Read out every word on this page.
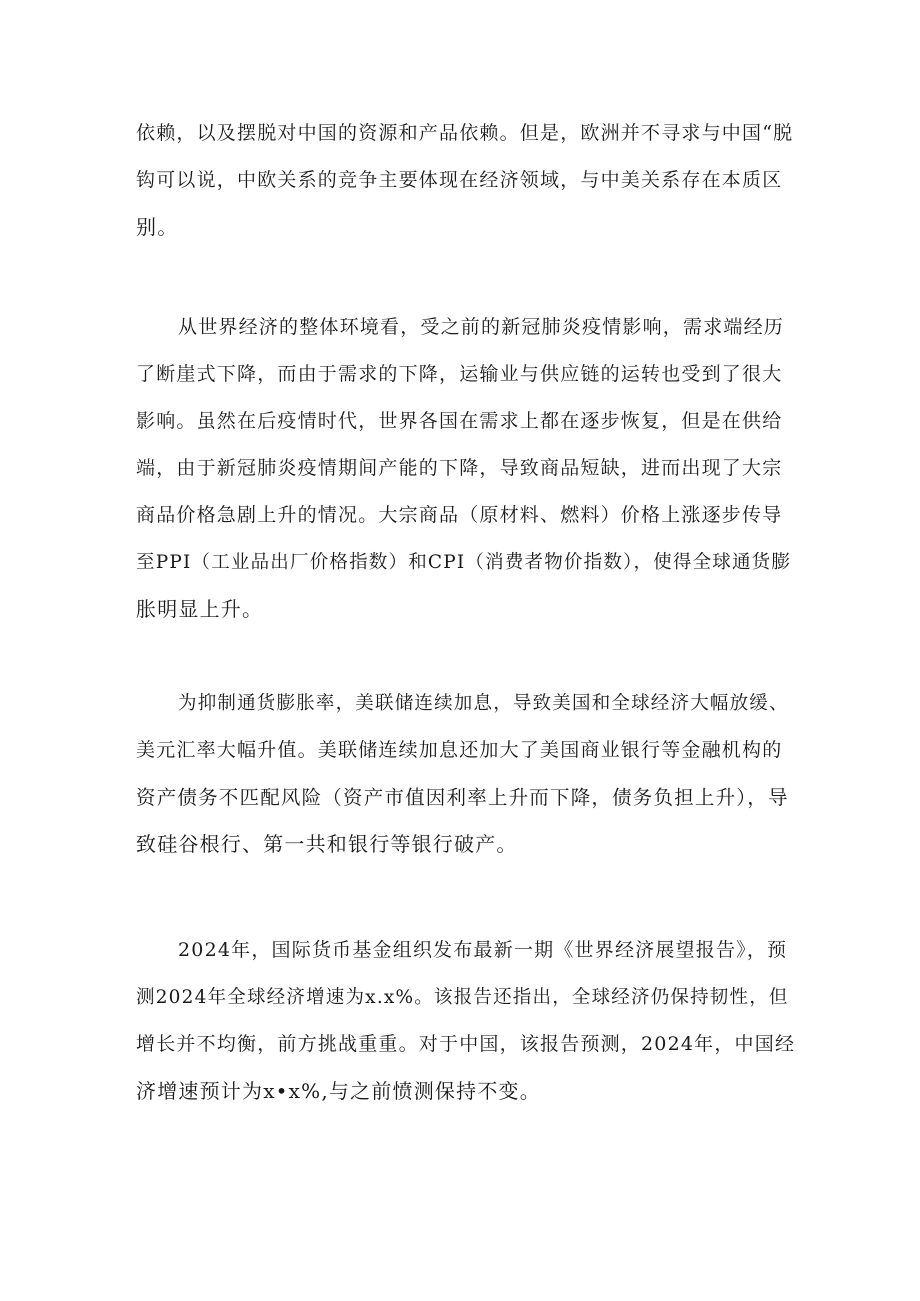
依赖，以及摆脱对中国的资源和产品依赖。但是，欧洲并不寻求与中国“脱
钩可以说，中欧关系的竞争主要体现在经济领域，与中美关系存在本质区
别。

从世界经济的整体环境看，受之前的新冠肺炎疫情影响，需求端经历
了断崖式下降，而由于需求的下降，运输业与供应链的运转也受到了很大
影响。虽然在后疫情时代，世界各国在需求上都在逐步恢复，但是在供给
端，由于新冠肺炎疫情期间产能的下降，导致商品短缺，进而出现了大宗
商品价格急剧上升的情况。大宗商品（原材料、燃料）价格上涨逐步传导
至PPI（工业品出厂价格指数）和CPI（消费者物价指数），使得全球通货膨
胀明显上升。

为抑制通货膨胀率，美联储连续加息，导致美国和全球经济大幅放缓、
美元汇率大幅升值。美联储连续加息还加大了美国商业银行等金融机构的
资产债务不匹配风险（资产市值因利率上升而下降，债务负担上升），导
致硅谷根行、第一共和银行等银行破产。

2024年，国际货币基金组织发布最新一期《世界经济展望报告》，预
测2024年全球经济增速为x.x%。该报告还指出，全球经济仍保持韧性，但
增长并不均衡，前方挑战重重。对于中国，该报告预测，2024年，中国经
济增速预计为x•x%,与之前愤测保持不变。
